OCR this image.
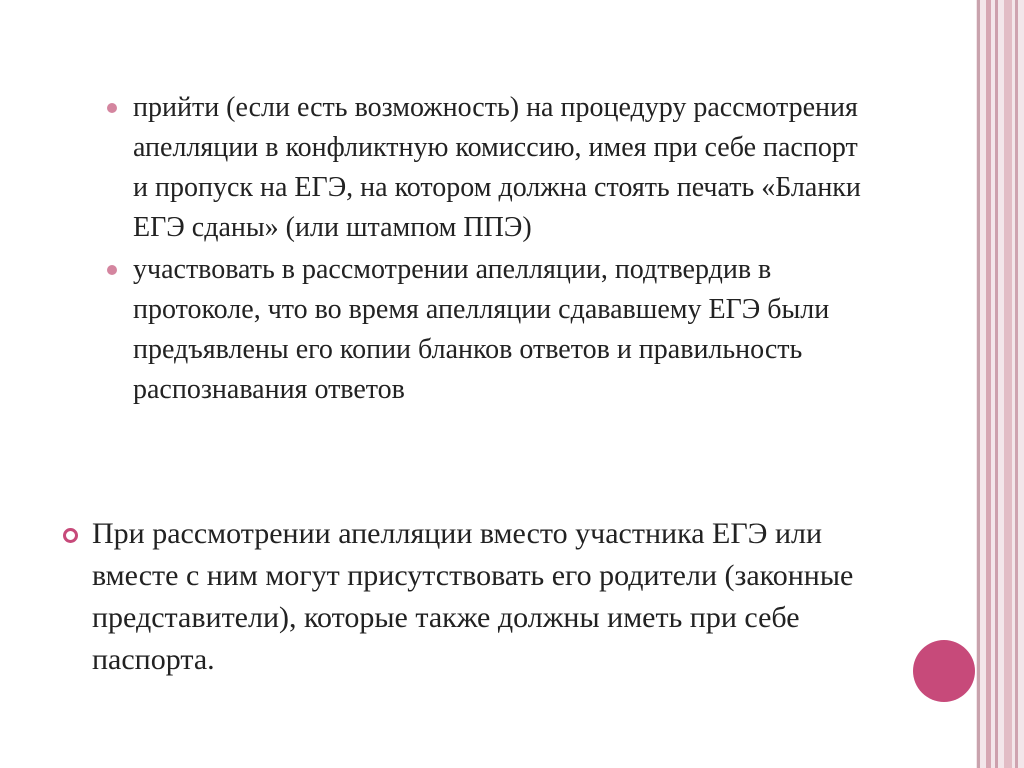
прийти (если есть возможность) на процедуру рассмотрения апелляции в конфликтную комиссию, имея при себе паспорт и пропуск на ЕГЭ, на котором должна стоять печать «Бланки ЕГЭ сданы» (или штампом ППЭ)
участвовать в рассмотрении апелляции, подтвердив в протоколе, что во время апелляции сдававшему ЕГЭ были предъявлены его копии бланков ответов и правильность распознавания ответов
При рассмотрении апелляции вместо участника ЕГЭ или вместе с ним могут присутствовать его родители (законные представители), которые также должны иметь при себе паспорта.
